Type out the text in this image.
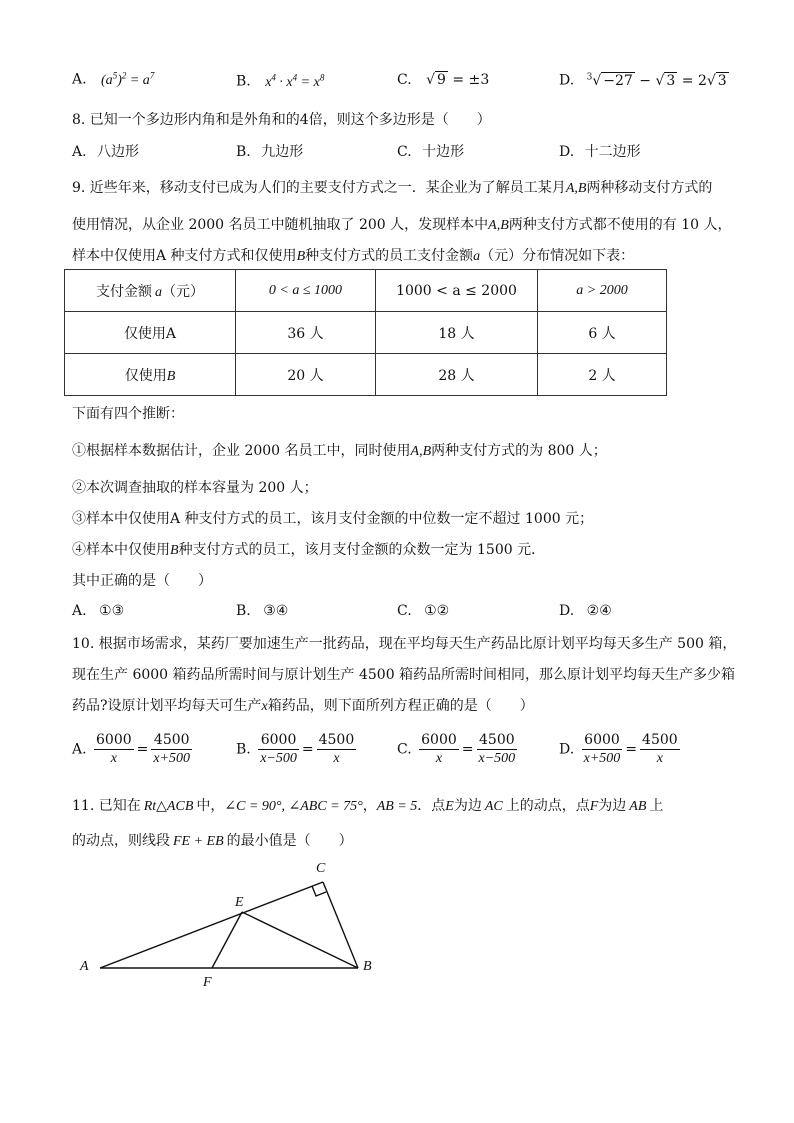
A. $(a^5)^2 = a^7$	B. $x^4 \cdot x^4 = x^8$	C. √ 9 = ±3	D. $^3$√ −27 − √ 3 = 2√ 3
8. 已知一个多边形内角和是外角和的4倍，则这个多边形是（　　）
A. 八边形	B. 九边形	C. 十边形	D. 十二边形
9. 近些年来，移动支付已成为人们的主要支付方式之一．某企业为了解员工某月A,B两种移动支付方式的
使用情况，从企业 2000 名员工中随机抽取了 200 人，发现样本中A,B两种支付方式都不使用的有 10 人，
样本中仅使用A 种支付方式和仅使用B种支付方式的员工支付金额a（元）分布情况如下表：
支付金额 a（元）	0 < a ≤ 1000	1000 < a ≤ 2000	a > 2000
仅使用A	36 人	18 人	6 人
仅使用B	20 人	28 人	2 人
下面有四个推断：
①根据样本数据估计，企业 2000 名员工中，同时使用A,B两种支付方式的为 800 人；
②本次调查抽取的样本容量为 200 人；
③样本中仅使用A 种支付方式的员工，该月支付金额的中位数一定不超过 1000 元；
④样本中仅使用B种支付方式的员工，该月支付金额的众数一定为 1500 元．
其中正确的是（　　）
A. ①③	B. ③④	C. ①②	D. ②④
10. 根据市场需求，某药厂要加速生产一批药品，现在平均每天生产药品比原计划平均每天多生产 500 箱，
现在生产 6000 箱药品所需时间与原计划生产 4500 箱药品所需时间相同，那么原计划平均每天生产多少箱
药品?设原计划平均每天可生产x箱药品，则下面所列方程正确的是（　　）
A. $\frac{6000}{x} = \frac{4500}{x+500}$	B. $\frac{6000}{x-500} = \frac{4500}{x}$	C. $\frac{6000}{x} = \frac{4500}{x-500}$	D. $\frac{6000}{x+500} = \frac{4500}{x}$
11. 已知在 Rt△ACB 中，∠C = 90°, ∠ABC = 75°，AB = 5．点E为边 AC 上的动点，点F为边 AB 上
的动点，则线段 FE + EB 的最小值是（　　）
A	B
C
E
F
